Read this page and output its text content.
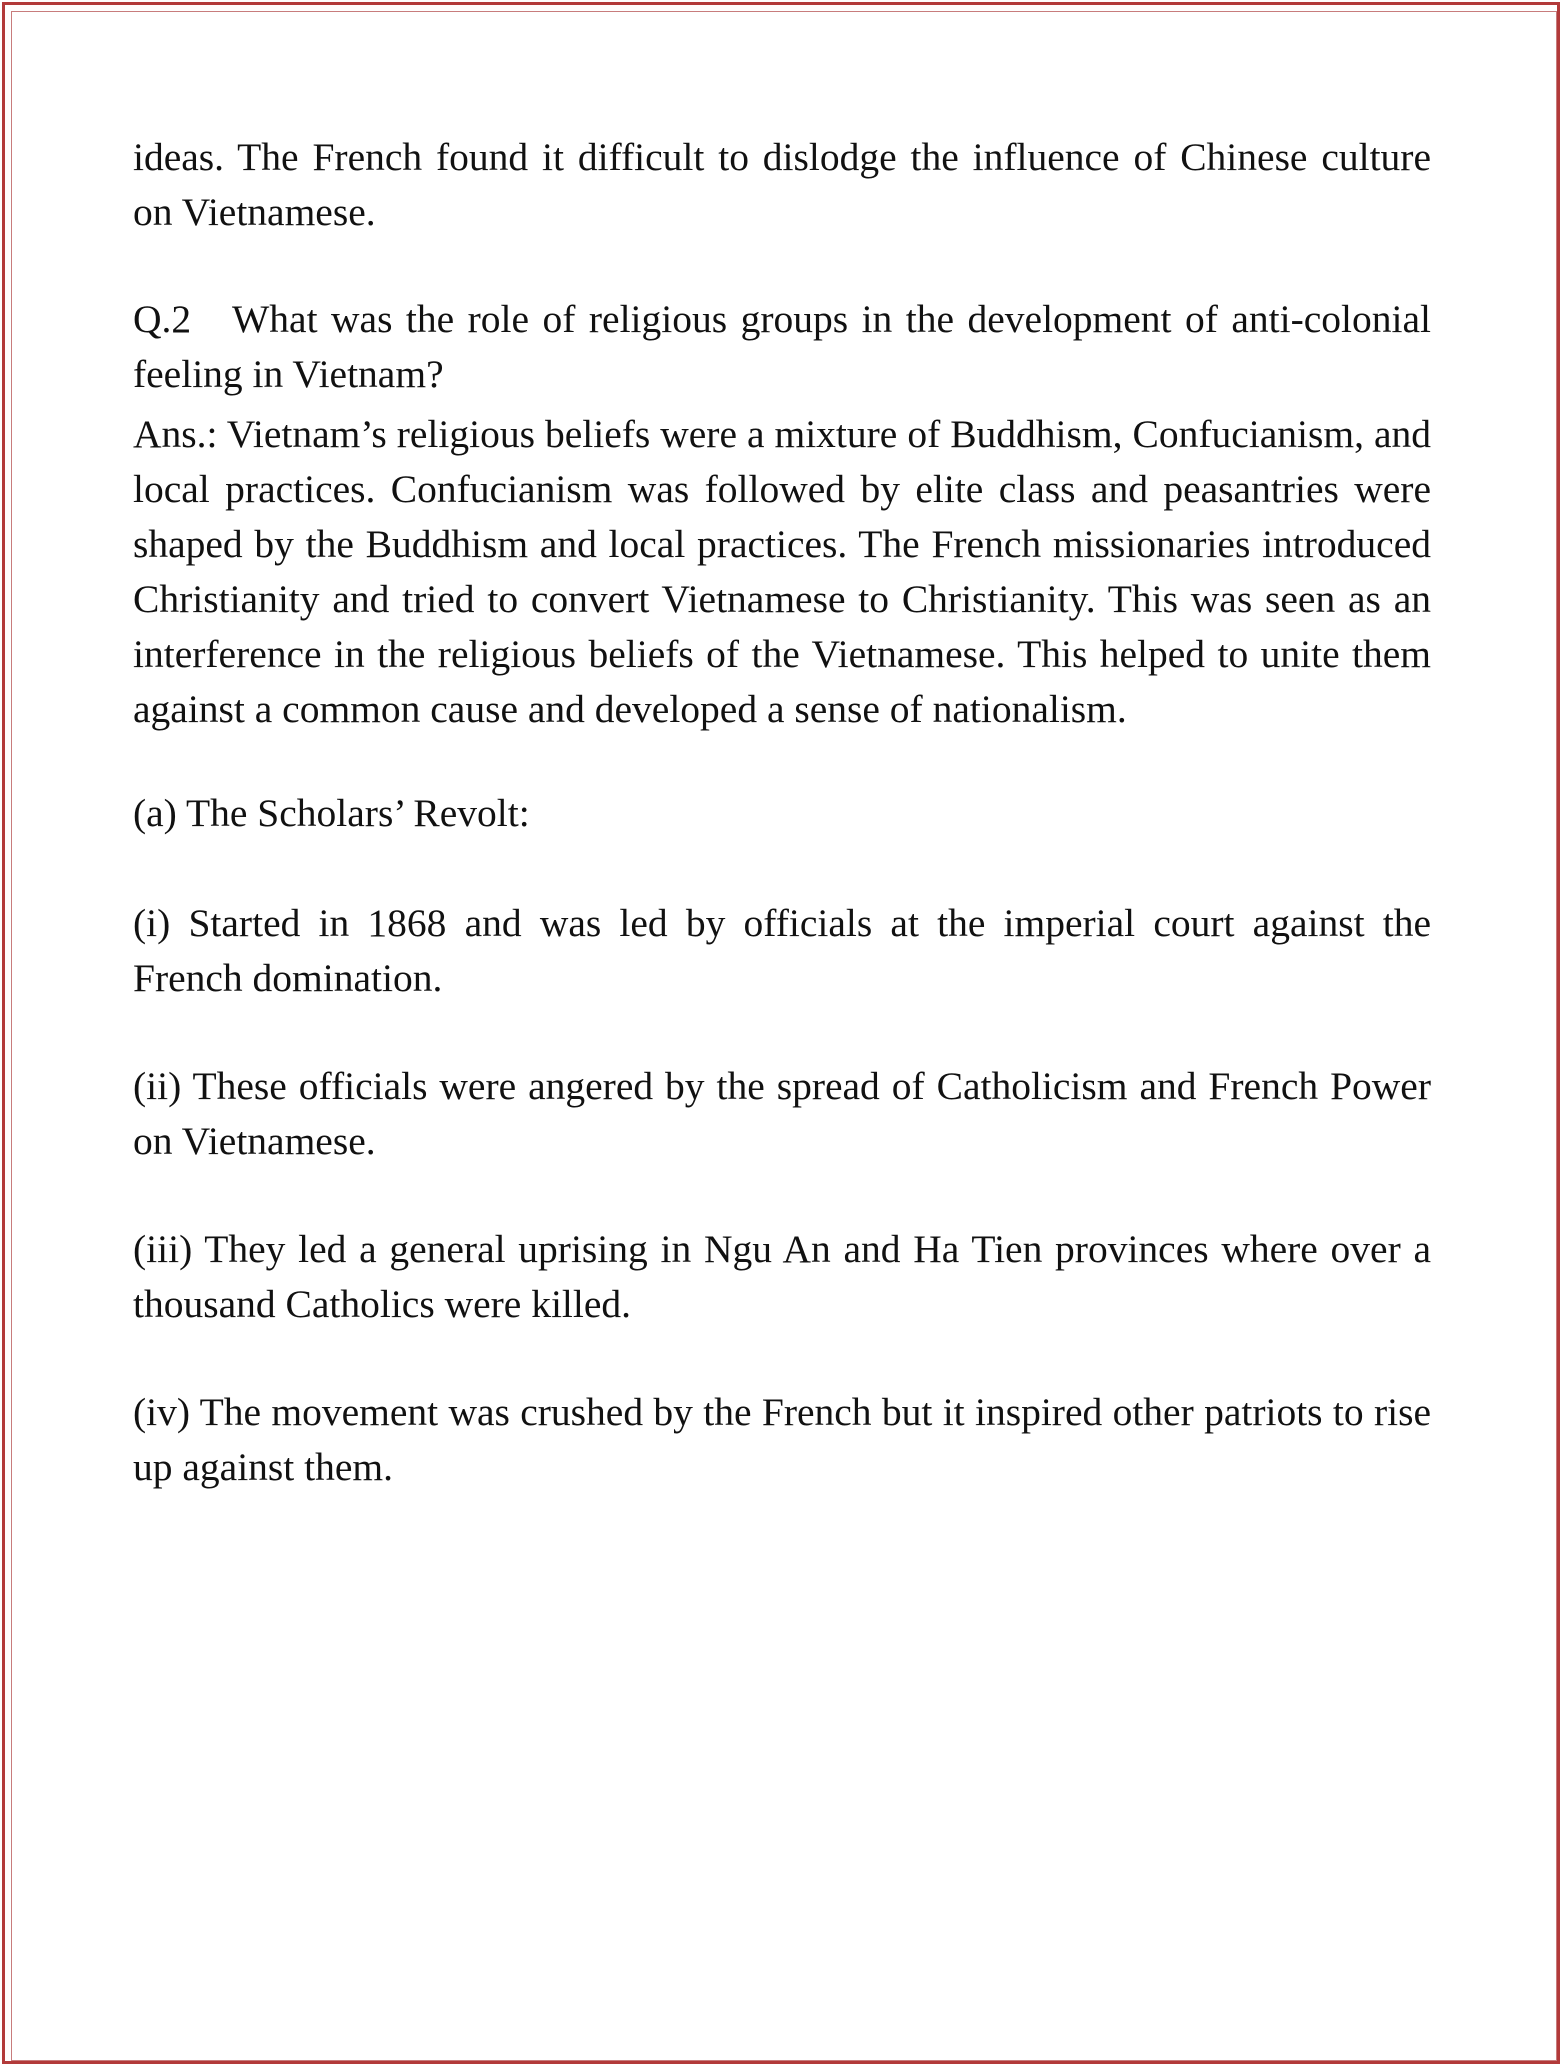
ideas. The French found it difficult to dislodge the influence of Chinese culture on Vietnamese.

Q.2 What was the role of religious groups in the development of anti-colonial feeling in Vietnam?

Ans.: Vietnam’s religious beliefs were a mixture of Buddhism, Confucianism, and local practices. Confucianism was followed by elite class and peasantries were shaped by the Buddhism and local practices. The French missionaries introduced Christianity and tried to convert Vietnamese to Christianity. This was seen as an interference in the religious beliefs of the Vietnamese. This helped to unite them against a common cause and developed a sense of nationalism.

(a) The Scholars’ Revolt:

(i) Started in 1868 and was led by officials at the imperial court against the French domination.

(ii) These officials were angered by the spread of Catholicism and French Power on Vietnamese.

(iii) They led a general uprising in Ngu An and Ha Tien provinces where over a thousand Catholics were killed.

(iv) The movement was crushed by the French but it inspired other patriots to rise up against them.
